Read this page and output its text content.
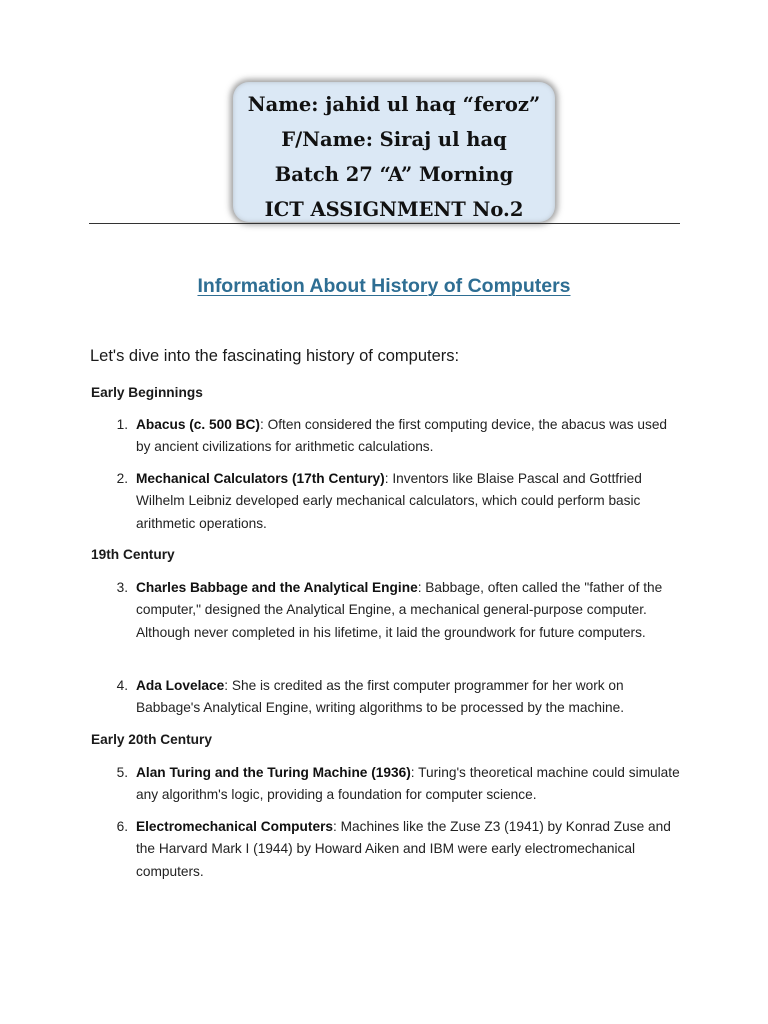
Name: jahid ul haq “feroz”
F/Name: Siraj ul haq
Batch 27 “A” Morning
ICT ASSIGNMENT No.2
Information About History of Computers
Let's dive into the fascinating history of computers:
Early Beginnings
1. Abacus (c. 500 BC): Often considered the first computing device, the abacus was used by ancient civilizations for arithmetic calculations.
2. Mechanical Calculators (17th Century): Inventors like Blaise Pascal and Gottfried Wilhelm Leibniz developed early mechanical calculators, which could perform basic arithmetic operations.
19th Century
3. Charles Babbage and the Analytical Engine: Babbage, often called the "father of the computer," designed the Analytical Engine, a mechanical general-purpose computer. Although never completed in his lifetime, it laid the groundwork for future computers.
4. Ada Lovelace: She is credited as the first computer programmer for her work on Babbage's Analytical Engine, writing algorithms to be processed by the machine.
Early 20th Century
5. Alan Turing and the Turing Machine (1936): Turing's theoretical machine could simulate any algorithm's logic, providing a foundation for computer science.
6. Electromechanical Computers: Machines like the Zuse Z3 (1941) by Konrad Zuse and the Harvard Mark I (1944) by Howard Aiken and IBM were early electromechanical computers.
